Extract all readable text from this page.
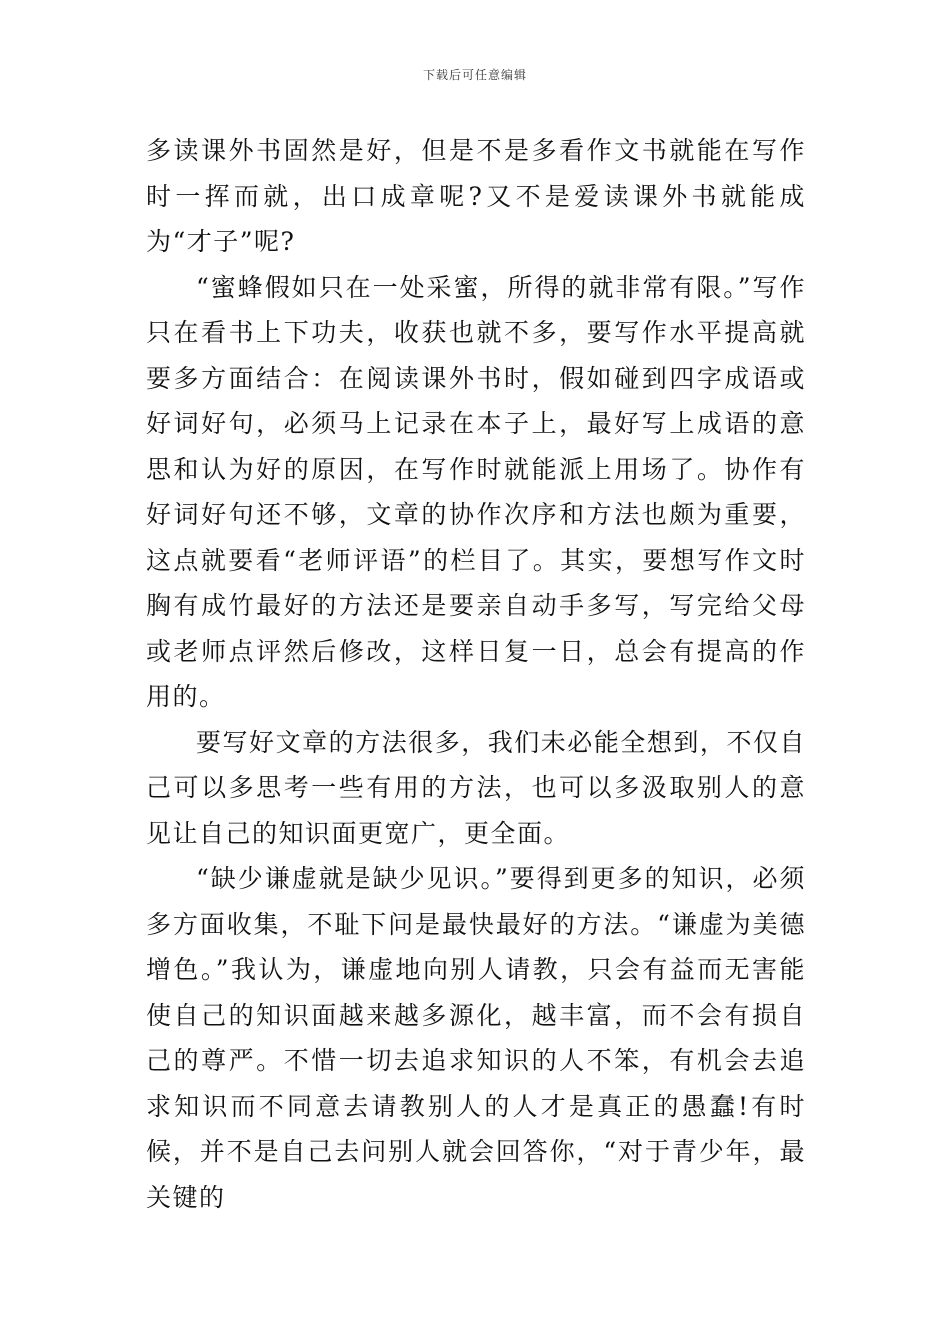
下载后可任意编辑

多读课外书固然是好，但是不是多看作文书就能在写作时一挥而就，出口成章呢?又不是爱读课外书就能成为“才子”呢?

“蜜蜂假如只在一处采蜜，所得的就非常有限。”写作只在看书上下功夫，收获也就不多，要写作水平提高就要多方面结合：在阅读课外书时，假如碰到四字成语或好词好句，必须马上记录在本子上，最好写上成语的意思和认为好的原因，在写作时就能派上用场了。协作有好词好句还不够，文章的协作次序和方法也颇为重要，这点就要看“老师评语”的栏目了。其实，要想写作文时胸有成竹最好的方法还是要亲自动手多写，写完给父母或老师点评然后修改，这样日复一日，总会有提高的作用的。

要写好文章的方法很多，我们未必能全想到，不仅自己可以多思考一些有用的方法，也可以多汲取别人的意见让自己的知识面更宽广，更全面。

“缺少谦虚就是缺少见识。”要得到更多的知识，必须多方面收集，不耻下问是最快最好的方法。“谦虚为美德增色。”我认为，谦虚地向别人请教，只会有益而无害能使自己的知识面越来越多源化，越丰富，而不会有损自己的尊严。不惜一切去追求知识的人不笨，有机会去追求知识而不同意去请教别人的人才是真正的愚蠢!有时候，并不是自己去问别人就会回答你，“对于青少年，最关键的
